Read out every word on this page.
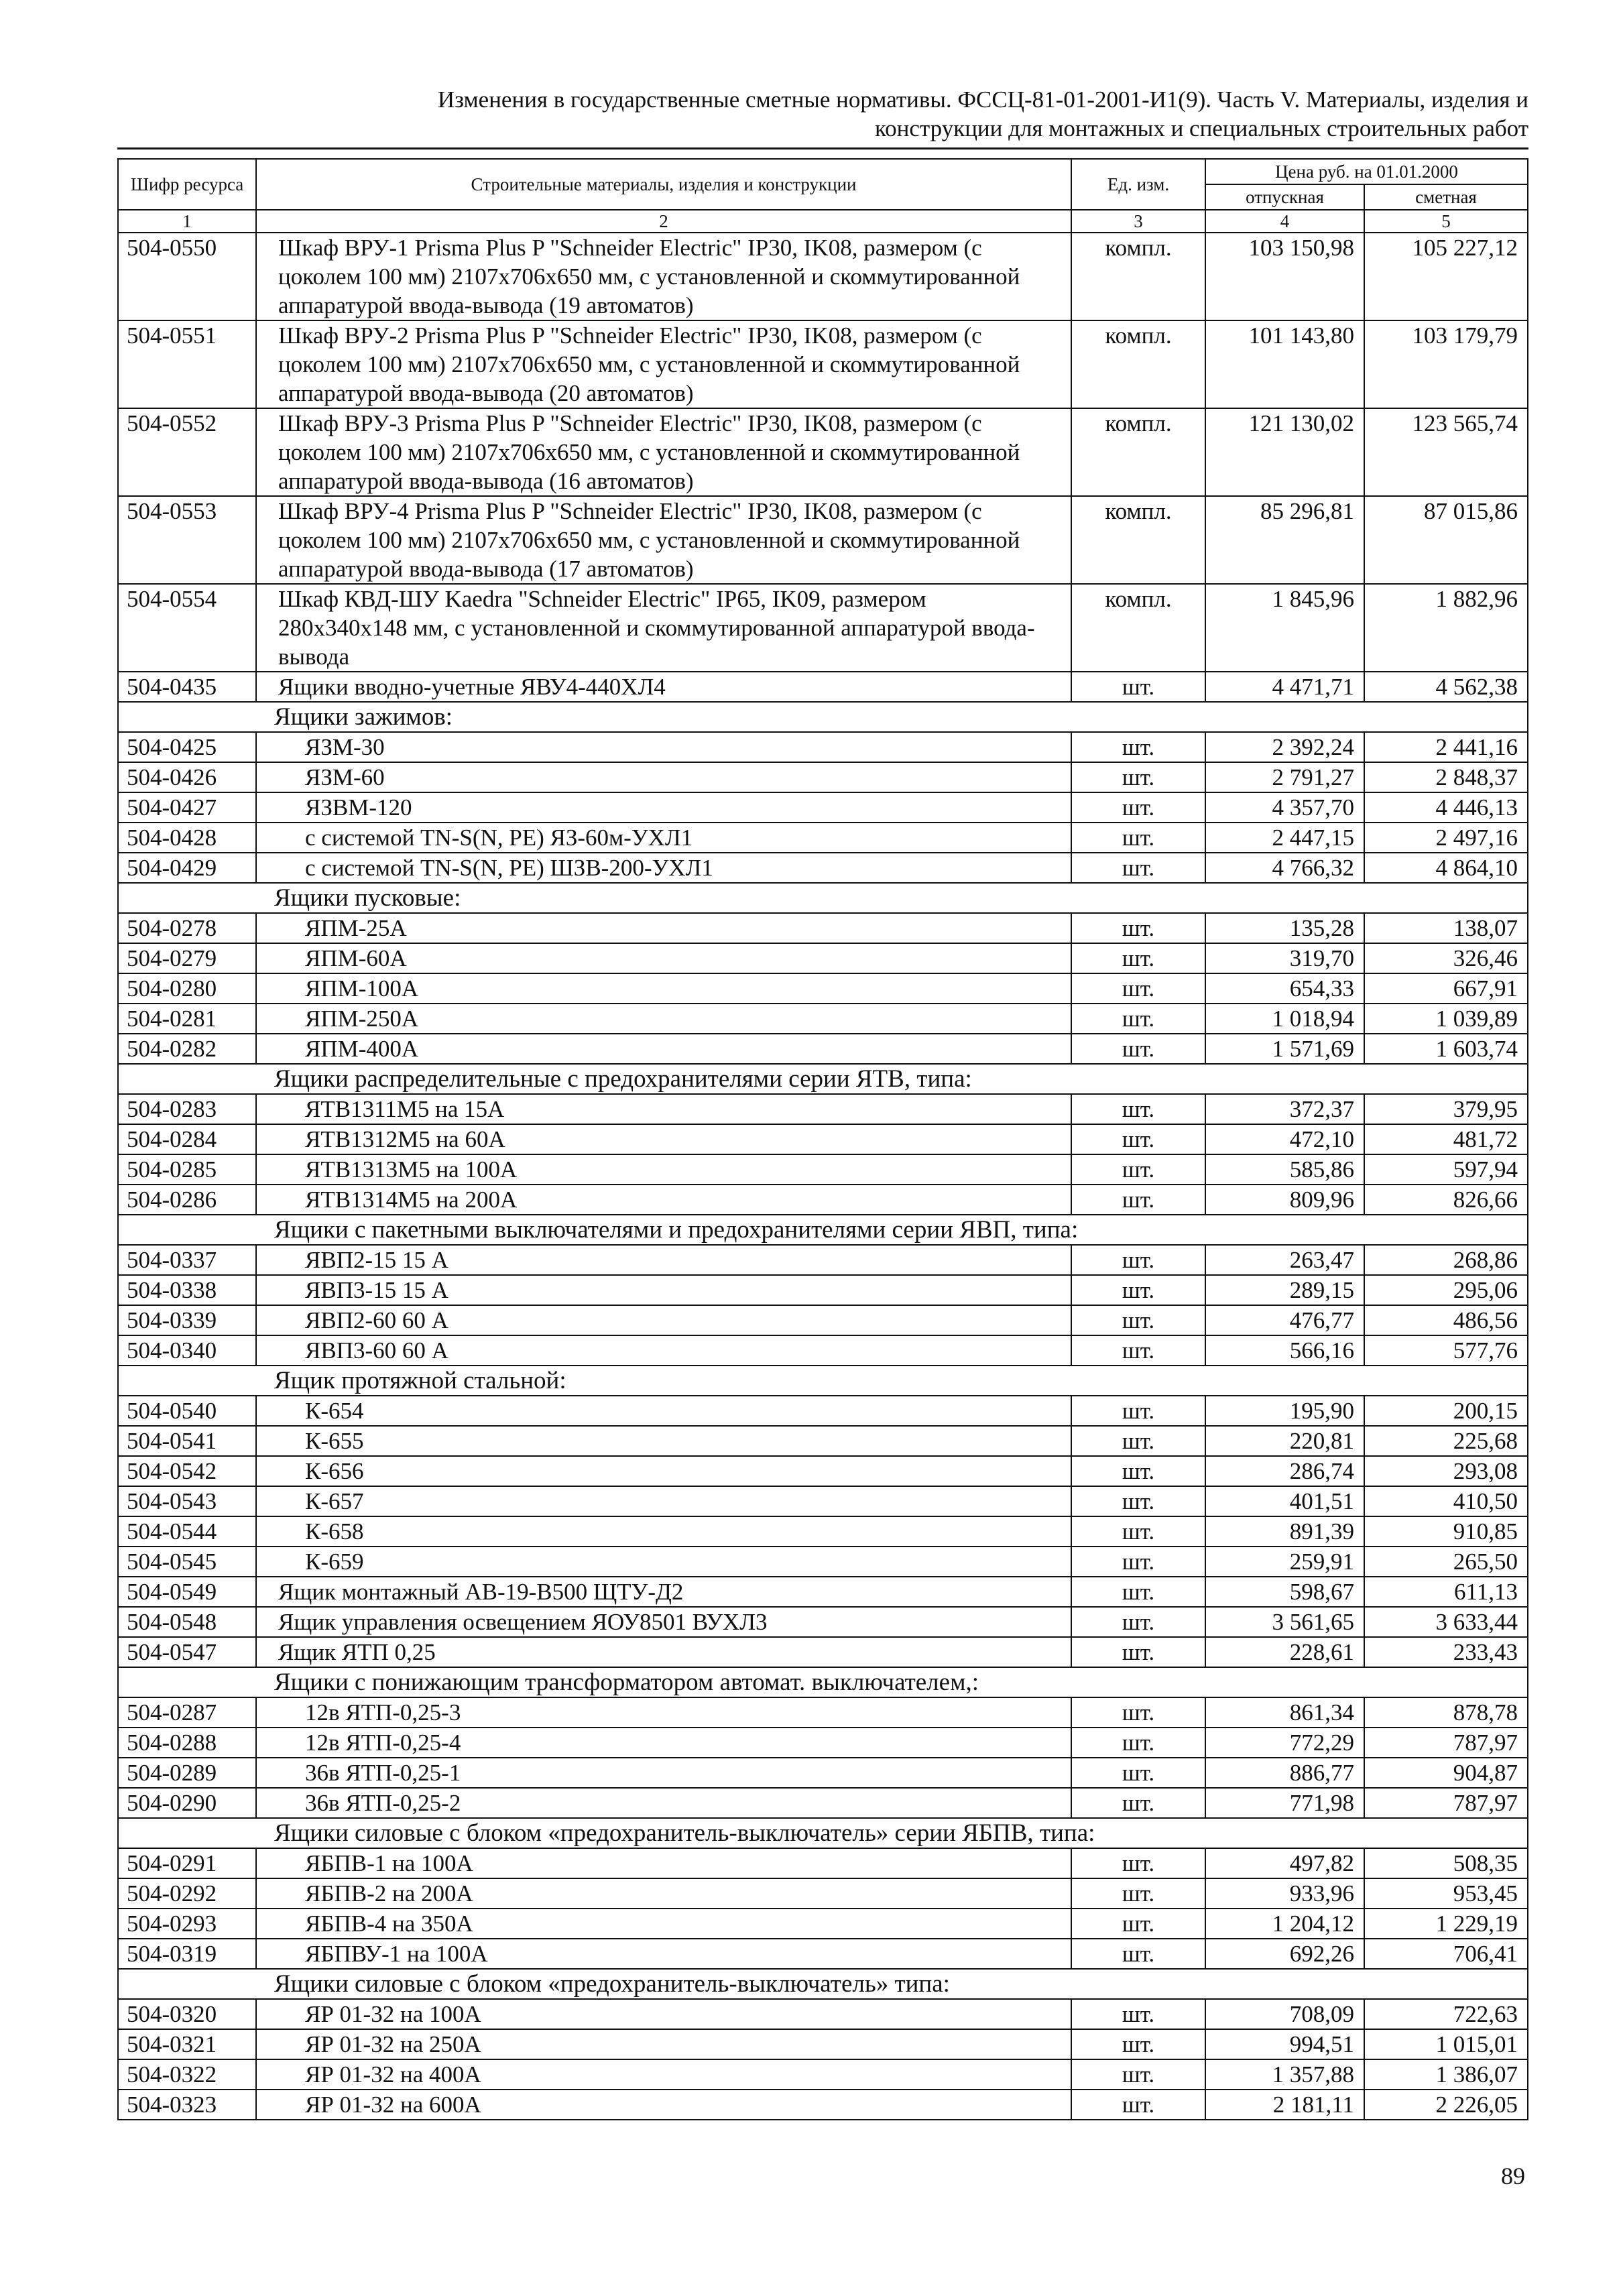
Изменения в государственные сметные нормативы. ФССЦ-81-01-2001-И1(9). Часть V. Материалы, изделия и
конструкции для монтажных и специальных строительных работ
Шифр ресурса	Строительные материалы, изделия и конструкции	Ед. изм.	Цена руб. на 01.01.2000	
			отпускная	сметная
1	2	3	4	5
504-0550	Шкаф ВРУ-1 Prisma Plus P "Schneider Electric" IP30, IK08, размером (с цоколем 100 мм) 2107x706x650 мм, с установленной и скоммутированной аппаратурой ввода-вывода (19 автоматов)	компл.	103 150,98	105 227,12
504-0551	Шкаф ВРУ-2 Prisma Plus P "Schneider Electric" IP30, IK08, размером (с цоколем 100 мм) 2107x706x650 мм, с установленной и скоммутированной аппаратурой ввода-вывода (20 автоматов)	компл.	101 143,80	103 179,79
504-0552	Шкаф ВРУ-3 Prisma Plus P "Schneider Electric" IP30, IK08, размером (с цоколем 100 мм) 2107x706x650 мм, с установленной и скоммутированной аппаратурой ввода-вывода (16 автоматов)	компл.	121 130,02	123 565,74
504-0553	Шкаф ВРУ-4 Prisma Plus P "Schneider Electric" IP30, IK08, размером (с цоколем 100 мм) 2107x706x650 мм, с установленной и скоммутированной аппаратурой ввода-вывода (17 автоматов)	компл.	85 296,81	87 015,86
504-0554	Шкаф КВД-ШУ Kaedra "Schneider Electric" IP65, IK09, размером 280x340x148 мм, с установленной и скоммутированной аппаратурой ввода-вывода	компл.	1 845,96	1 882,96
504-0435	Ящики вводно-учетные ЯВУ4-440ХЛ4	шт.	4 471,71	4 562,38
Ящики зажимов:				
504-0425	ЯЗМ-30	шт.	2 392,24	2 441,16
504-0426	ЯЗМ-60	шт.	2 791,27	2 848,37
504-0427	ЯЗВМ-120	шт.	4 357,70	4 446,13
504-0428	с системой TN-S(N, PE) ЯЗ-60м-УХЛ1	шт.	2 447,15	2 497,16
504-0429	с системой TN-S(N, PE) ШЗВ-200-УХЛ1	шт.	4 766,32	4 864,10
Ящики пусковые:				
504-0278	ЯПМ-25А	шт.	135,28	138,07
504-0279	ЯПМ-60А	шт.	319,70	326,46
504-0280	ЯПМ-100А	шт.	654,33	667,91
504-0281	ЯПМ-250А	шт.	1 018,94	1 039,89
504-0282	ЯПМ-400А	шт.	1 571,69	1 603,74
Ящики распределительные с предохранителями серии ЯТВ, типа:				
504-0283	ЯТВ1311М5 на 15А	шт.	372,37	379,95
504-0284	ЯТВ1312М5 на 60А	шт.	472,10	481,72
504-0285	ЯТВ1313М5 на 100А	шт.	585,86	597,94
504-0286	ЯТВ1314М5 на 200А	шт.	809,96	826,66
Ящики с пакетными выключателями и предохранителями серии ЯВП, типа:				
504-0337	ЯВП2-15 15 А	шт.	263,47	268,86
504-0338	ЯВП3-15 15 А	шт.	289,15	295,06
504-0339	ЯВП2-60 60 А	шт.	476,77	486,56
504-0340	ЯВП3-60 60 А	шт.	566,16	577,76
Ящик протяжной стальной:				
504-0540	К-654	шт.	195,90	200,15
504-0541	К-655	шт.	220,81	225,68
504-0542	К-656	шт.	286,74	293,08
504-0543	К-657	шт.	401,51	410,50
504-0544	К-658	шт.	891,39	910,85
504-0545	К-659	шт.	259,91	265,50
504-0549	Ящик монтажный АВ-19-В500 ЩТУ-Д2	шт.	598,67	611,13
504-0548	Ящик управления освещением ЯОУ8501 ВУХЛ3	шт.	3 561,65	3 633,44
504-0547	Ящик ЯТП 0,25	шт.	228,61	233,43
Ящики с понижающим трансформатором автомат. выключателем,:				
504-0287	12в ЯТП-0,25-3	шт.	861,34	878,78
504-0288	12в ЯТП-0,25-4	шт.	772,29	787,97
504-0289	36в ЯТП-0,25-1	шт.	886,77	904,87
504-0290	36в ЯТП-0,25-2	шт.	771,98	787,97
Ящики силовые с блоком «предохранитель-выключатель» серии ЯБПВ, типа:				
504-0291	ЯБПВ-1 на 100А	шт.	497,82	508,35
504-0292	ЯБПВ-2 на 200А	шт.	933,96	953,45
504-0293	ЯБПВ-4 на 350А	шт.	1 204,12	1 229,19
504-0319	ЯБПВУ-1 на 100А	шт.	692,26	706,41
Ящики силовые с блоком «предохранитель-выключатель» типа:				
504-0320	ЯР 01-32 на 100А	шт.	708,09	722,63
504-0321	ЯР 01-32 на 250А	шт.	994,51	1 015,01
504-0322	ЯР 01-32 на 400А	шт.	1 357,88	1 386,07
504-0323	ЯР 01-32 на 600А	шт.	2 181,11	2 226,05
89
